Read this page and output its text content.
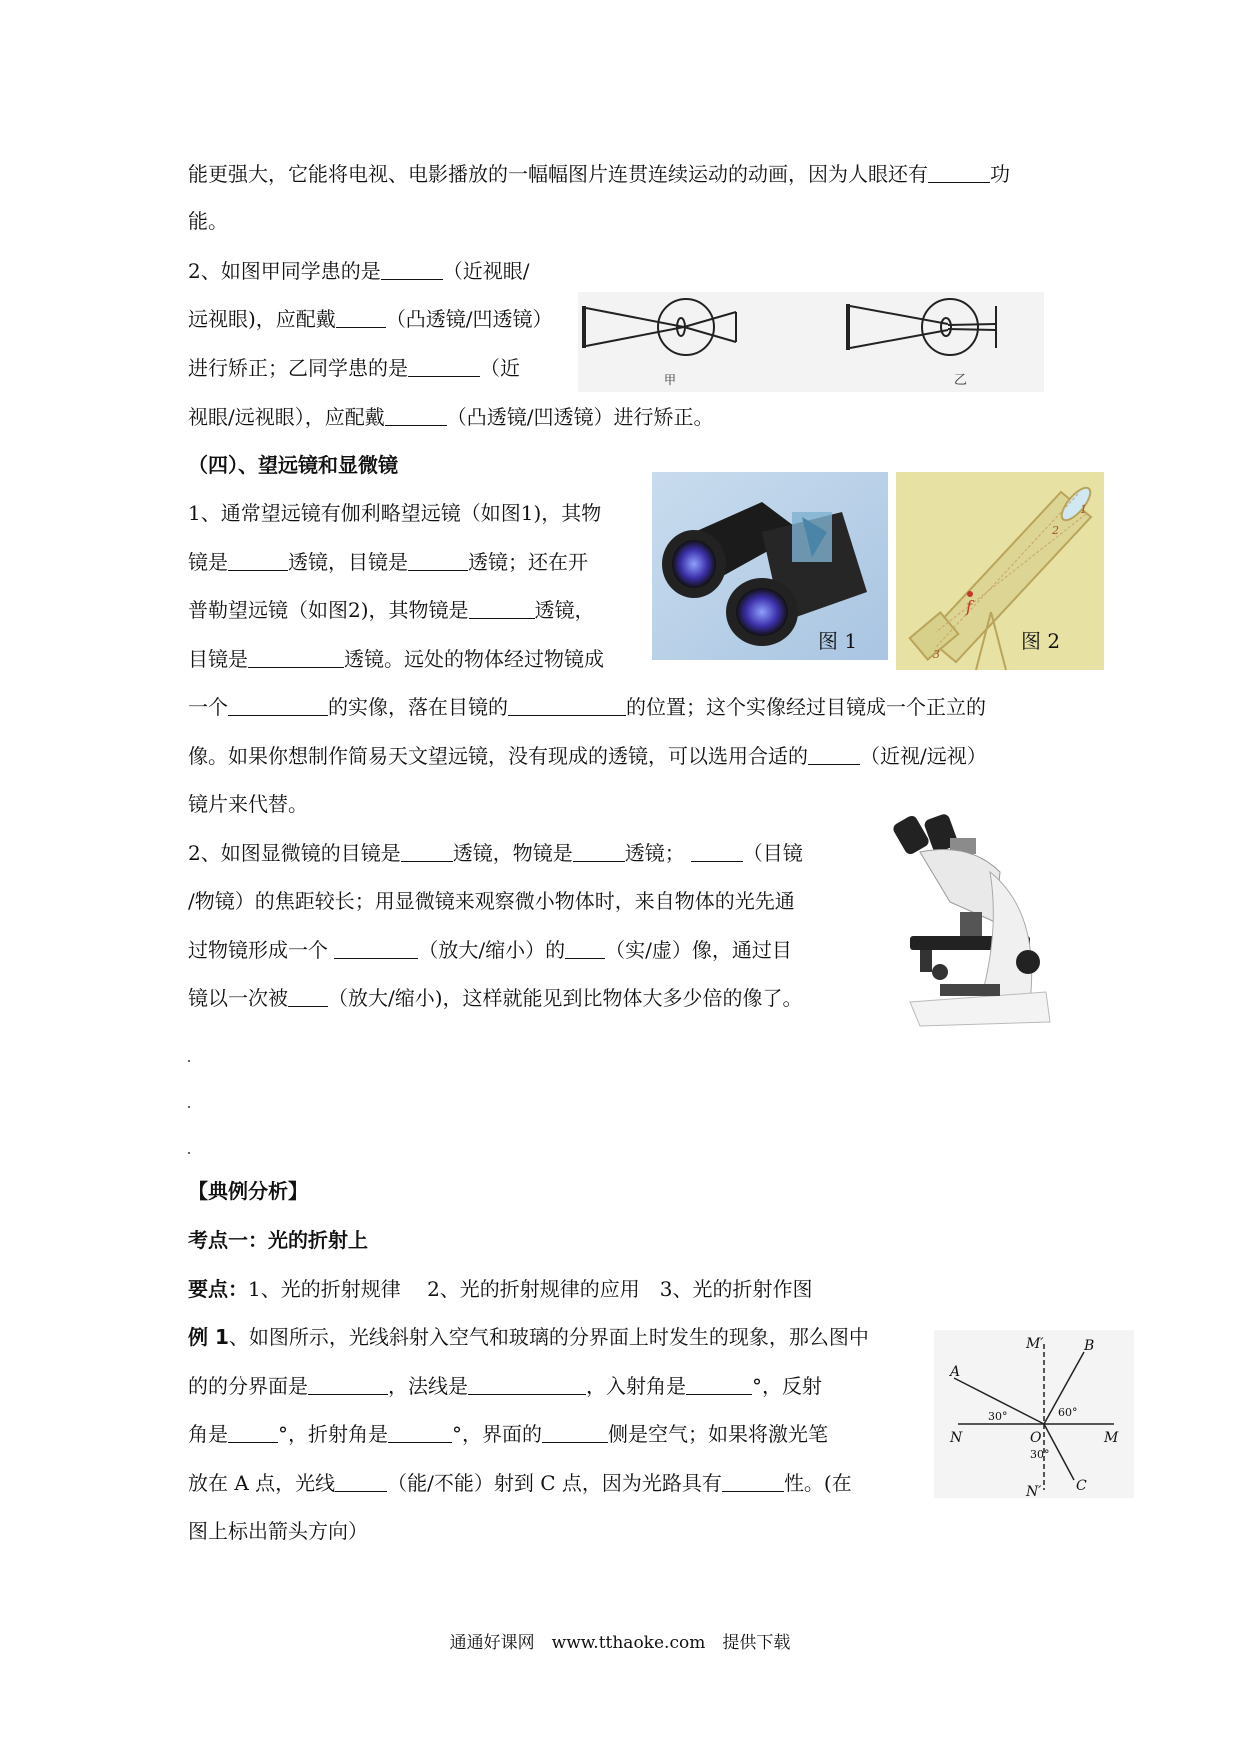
能更强大，它能将电视、电影播放的一幅幅图片连贯连续运动的动画，因为人眼还有	功
能。
2、如图甲同学患的是	（近视眼/
远视眼)，应配戴	（凸透镜/凹透镜）
进行矫正；乙同学患的是	（近
视眼/远视眼），应配戴	（凸透镜/凹透镜）进行矫正。
甲	乙
（四）、望远镜和显微镜
1、通常望远镜有伽利略望远镜（如图1)，其物
镜是	透镜，目镜是	透镜；还在开
普勒望远镜（如图2)，其物镜是	透镜，
目镜是	透镜。远处的物体经过物镜成
一个	的实像，落在目镜的	的位置；这个实像经过目镜成一个正立的
像。如果你想制作简易天文望远镜，没有现成的透镜，可以选用合适的	（近视/远视）
镜片来代替。
图 1
1
2
f
3
图 2
2、如图显微镜的目镜是	透镜，物镜是	透镜；	（目镜
/物镜）的焦距较长；用显微镜来观察微小物体时，来自物体的光先通
过物镜形成一个	（放大/缩小）的 （实/虚）像，通过目
镜以一次被 （放大/缩小)，这样就能见到比物体大多少倍的像了。
【典例分析】
考点一：光的折射上
要点：1、光的折射规律　 2、光的折射规律的应用　3、光的折射作图
例 1、如图所示，光线斜射入空气和玻璃的分界面上时发生的现象，那么图中
的的分界面是	，法线是	，入射角是	°，反射
角是	°，折射角是	°，界面的	侧是空气；如果将激光笔
放在 A 点，光线	（能/不能）射到 C 点，因为光路具有	性。(在
图上标出箭头方向）
A
B
C
M
N	O
M′
N′
30°	60°
30°
通通好课网　www.tthaoke.com　提供下载
